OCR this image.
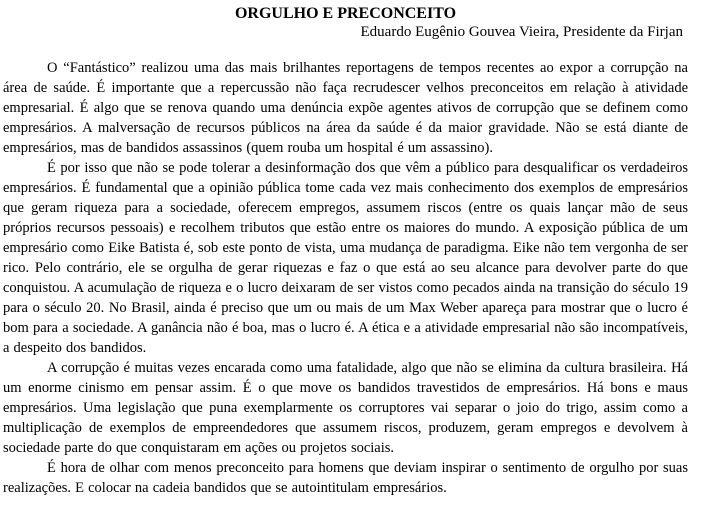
ORGULHO E PRECONCEITO
Eduardo Eugênio Gouvea Vieira, Presidente da Firjan

O “Fantástico” realizou uma das mais brilhantes reportagens de tempos recentes ao expor a corrupção na área de saúde. É importante que a repercussão não faça recrudescer velhos preconceitos em relação à atividade empresarial. É algo que se renova quando uma denúncia expõe agentes ativos de corrupção que se definem como empresários. A malversação de recursos públicos na área da saúde é da maior gravidade. Não se está diante de empresários, mas de bandidos assassinos (quem rouba um hospital é um assassino).

É por isso que não se pode tolerar a desinformação dos que vêm a público para desqualificar os verdadeiros empresários. É fundamental que a opinião pública tome cada vez mais conhecimento dos exemplos de empresários que geram riqueza para a sociedade, oferecem empregos, assumem riscos (entre os quais lançar mão de seus próprios recursos pessoais) e recolhem tributos que estão entre os maiores do mundo. A exposição pública de um empresário como Eike Batista é, sob este ponto de vista, uma mudança de paradigma. Eike não tem vergonha de ser rico. Pelo contrário, ele se orgulha de gerar riquezas e faz o que está ao seu alcance para devolver parte do que conquistou. A acumulação de riqueza e o lucro deixaram de ser vistos como pecados ainda na transição do século 19 para o século 20. No Brasil, ainda é preciso que um ou mais de um Max Weber apareça para mostrar que o lucro é bom para a sociedade. A ganância não é boa, mas o lucro é. A ética e a atividade empresarial não são incompatíveis, a despeito dos bandidos.

A corrupção é muitas vezes encarada como uma fatalidade, algo que não se elimina da cultura brasileira. Há um enorme cinismo em pensar assim. É o que move os bandidos travestidos de empresários. Há bons e maus empresários. Uma legislação que puna exemplarmente os corruptores vai separar o joio do trigo, assim como a multiplicação de exemplos de empreendedores que assumem riscos, produzem, geram empregos e devolvem à sociedade parte do que conquistaram em ações ou projetos sociais.

É hora de olhar com menos preconceito para homens que deviam inspirar o sentimento de orgulho por suas realizações. E colocar na cadeia bandidos que se autointitulam empresários.
